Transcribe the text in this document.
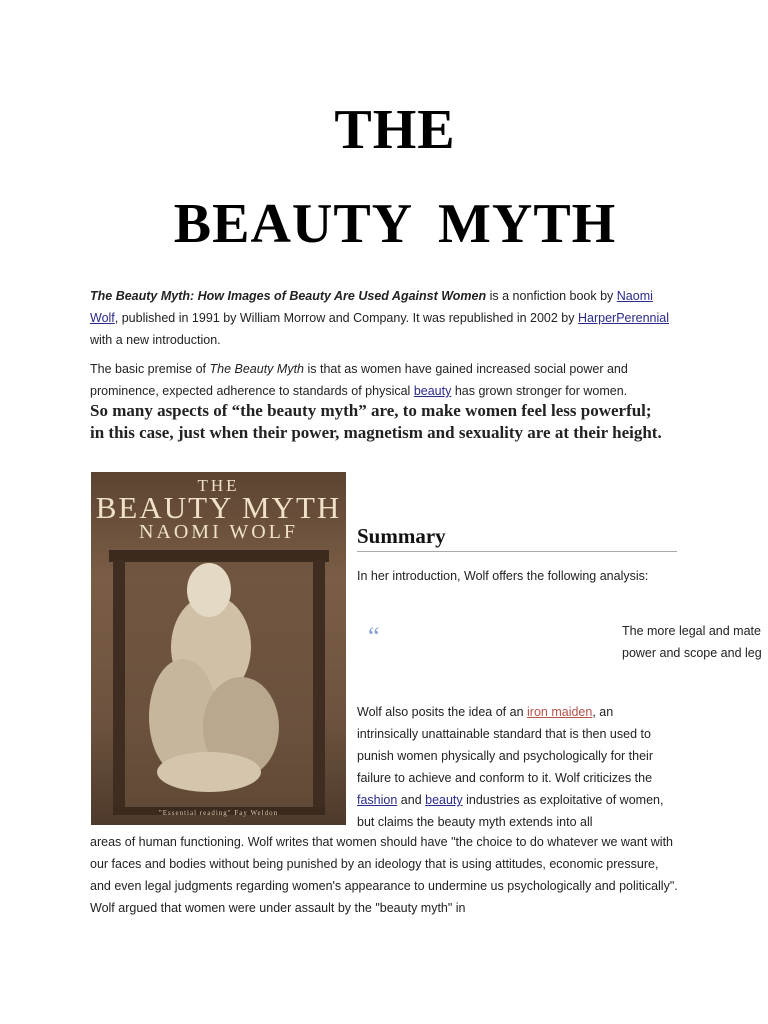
THE
BEAUTY MYTH

The Beauty Myth: How Images of Beauty Are Used Against Women is a nonfiction book by Naomi Wolf, published in 1991 by William Morrow and Company. It was republished in 2002 by HarperPerennial with a new introduction.

The basic premise of The Beauty Myth is that as women have gained increased social power and prominence, expected adherence to standards of physical beauty has grown stronger for women.

So many aspects of “the beauty myth” are, to make women feel less powerful; in this case, just when their power, magnetism and sexuality are at their height.

THE

BEAUTY MYTH

NAOMI WOLF

"Essential reading" Fay Weldon

Summary

In her introduction, Wolf offers the following analysis:

“	The more legal and mate
power and scope and leg

Wolf also posits the idea of an iron maiden, an intrinsically unattainable standard that is then used to punish women physically and psychologically for their failure to achieve and conform to it. Wolf criticizes the fashion and beauty industries as exploitative of women, but claims the beauty myth extends into all

areas of human functioning. Wolf writes that women should have "the choice to do whatever we want with our faces and bodies without being punished by an ideology that is using attitudes, economic pressure, and even legal judgments regarding women's appearance to undermine us psychologically and politically". Wolf argued that women were under assault by the "beauty myth" in
